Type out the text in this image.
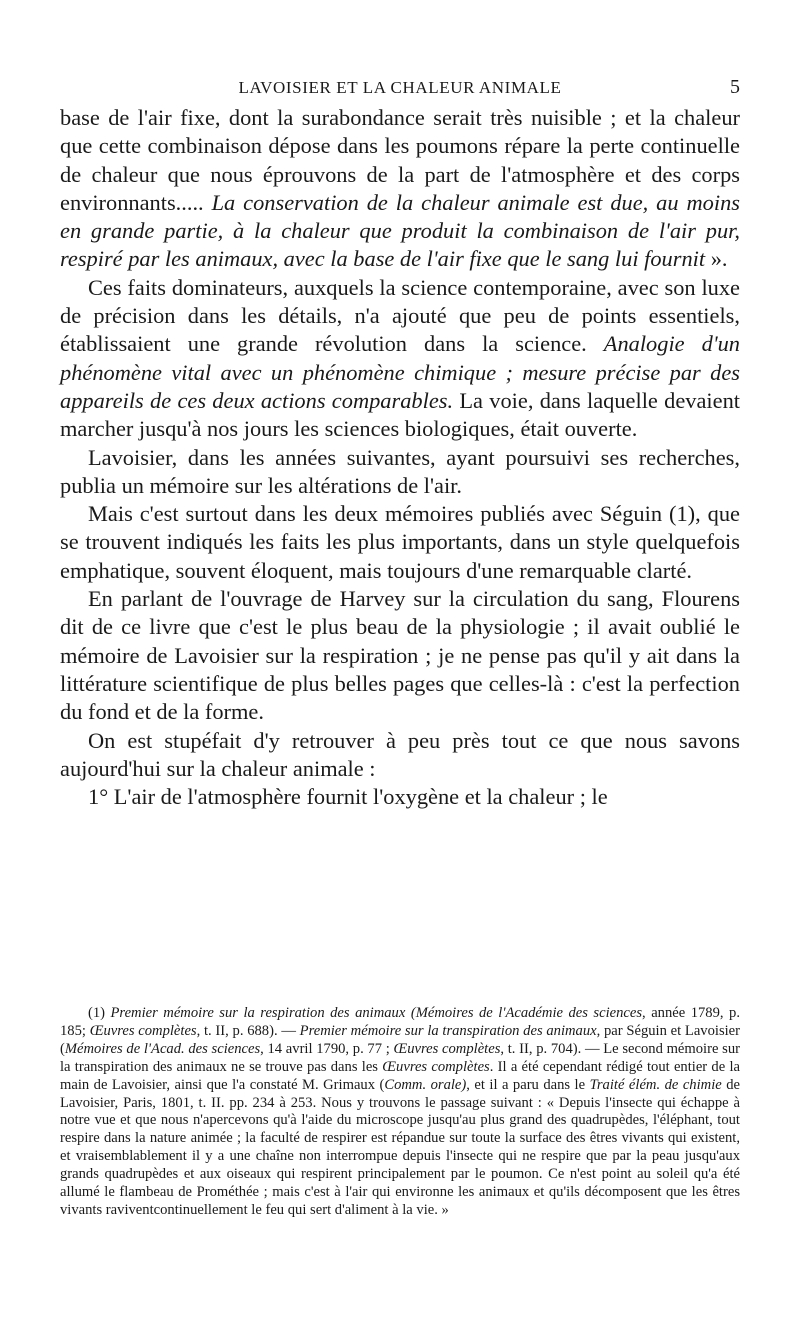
LAVOISIER ET LA CHALEUR ANIMALE	5

base de l'air fixe, dont la surabondance serait très nuisible ; et la chaleur que cette combinaison dépose dans les poumons répare la perte continuelle de chaleur que nous éprouvons de la part de l'atmosphère et des corps environnants..... La conservation de la chaleur animale est due, au moins en grande partie, à la chaleur que produit la combinaison de l'air pur, respiré par les animaux, avec la base de l'air fixe que le sang lui fournit ».

Ces faits dominateurs, auxquels la science contemporaine, avec son luxe de précision dans les détails, n'a ajouté que peu de points essentiels, établissaient une grande révolution dans la science. Analogie d'un phénomène vital avec un phénomène chimique ; mesure précise par des appareils de ces deux actions comparables. La voie, dans laquelle devaient marcher jusqu'à nos jours les sciences biologiques, était ouverte.

Lavoisier, dans les années suivantes, ayant poursuivi ses recherches, publia un mémoire sur les altérations de l'air.

Mais c'est surtout dans les deux mémoires publiés avec Séguin (1), que se trouvent indiqués les faits les plus importants, dans un style quelquefois emphatique, souvent éloquent, mais toujours d'une remarquable clarté.

En parlant de l'ouvrage de Harvey sur la circulation du sang, Flourens dit de ce livre que c'est le plus beau de la physiologie ; il avait oublié le mémoire de Lavoisier sur la respiration ; je ne pense pas qu'il y ait dans la littérature scientifique de plus belles pages que celles-là : c'est la perfection du fond et de la forme.

On est stupéfait d'y retrouver à peu près tout ce que nous savons aujourd'hui sur la chaleur animale :

1° L'air de l'atmosphère fournit l'oxygène et la chaleur ; le

(1) Premier mémoire sur la respiration des animaux (Mémoires de l'Académie des sciences, année 1789, p. 185; Œuvres complètes, t. II, p. 688). — Premier mémoire sur la transpiration des animaux, par Séguin et Lavoisier (Mémoires de l'Acad. des sciences, 14 avril 1790, p. 77 ; Œuvres complètes, t. II, p. 704). — Le second mémoire sur la transpiration des animaux ne se trouve pas dans les Œuvres complètes. Il a été cependant rédigé tout entier de la main de Lavoisier, ainsi que l'a constaté M. Grimaux (Comm. orale), et il a paru dans le Traité élém. de chimie de Lavoisier, Paris, 1801, t. II. pp. 234 à 253. Nous y trouvons le passage suivant : « Depuis l'insecte qui échappe à notre vue et que nous n'apercevons qu'à l'aide du microscope jusqu'au plus grand des quadrupèdes, l'éléphant, tout respire dans la nature animée ; la faculté de respirer est répandue sur toute la surface des êtres vivants qui existent, et vraisemblablement il y a une chaîne non interrompue depuis l'insecte qui ne respire que par la peau jusqu'aux grands quadrupèdes et aux oiseaux qui respirent principalement par le poumon. Ce n'est point au soleil qu'a été allumé le flambeau de Prométhée ; mais c'est à l'air qui environne les animaux et qu'ils décomposent que les êtres vivants raviventcontinuellement le feu qui sert d'aliment à la vie. »
